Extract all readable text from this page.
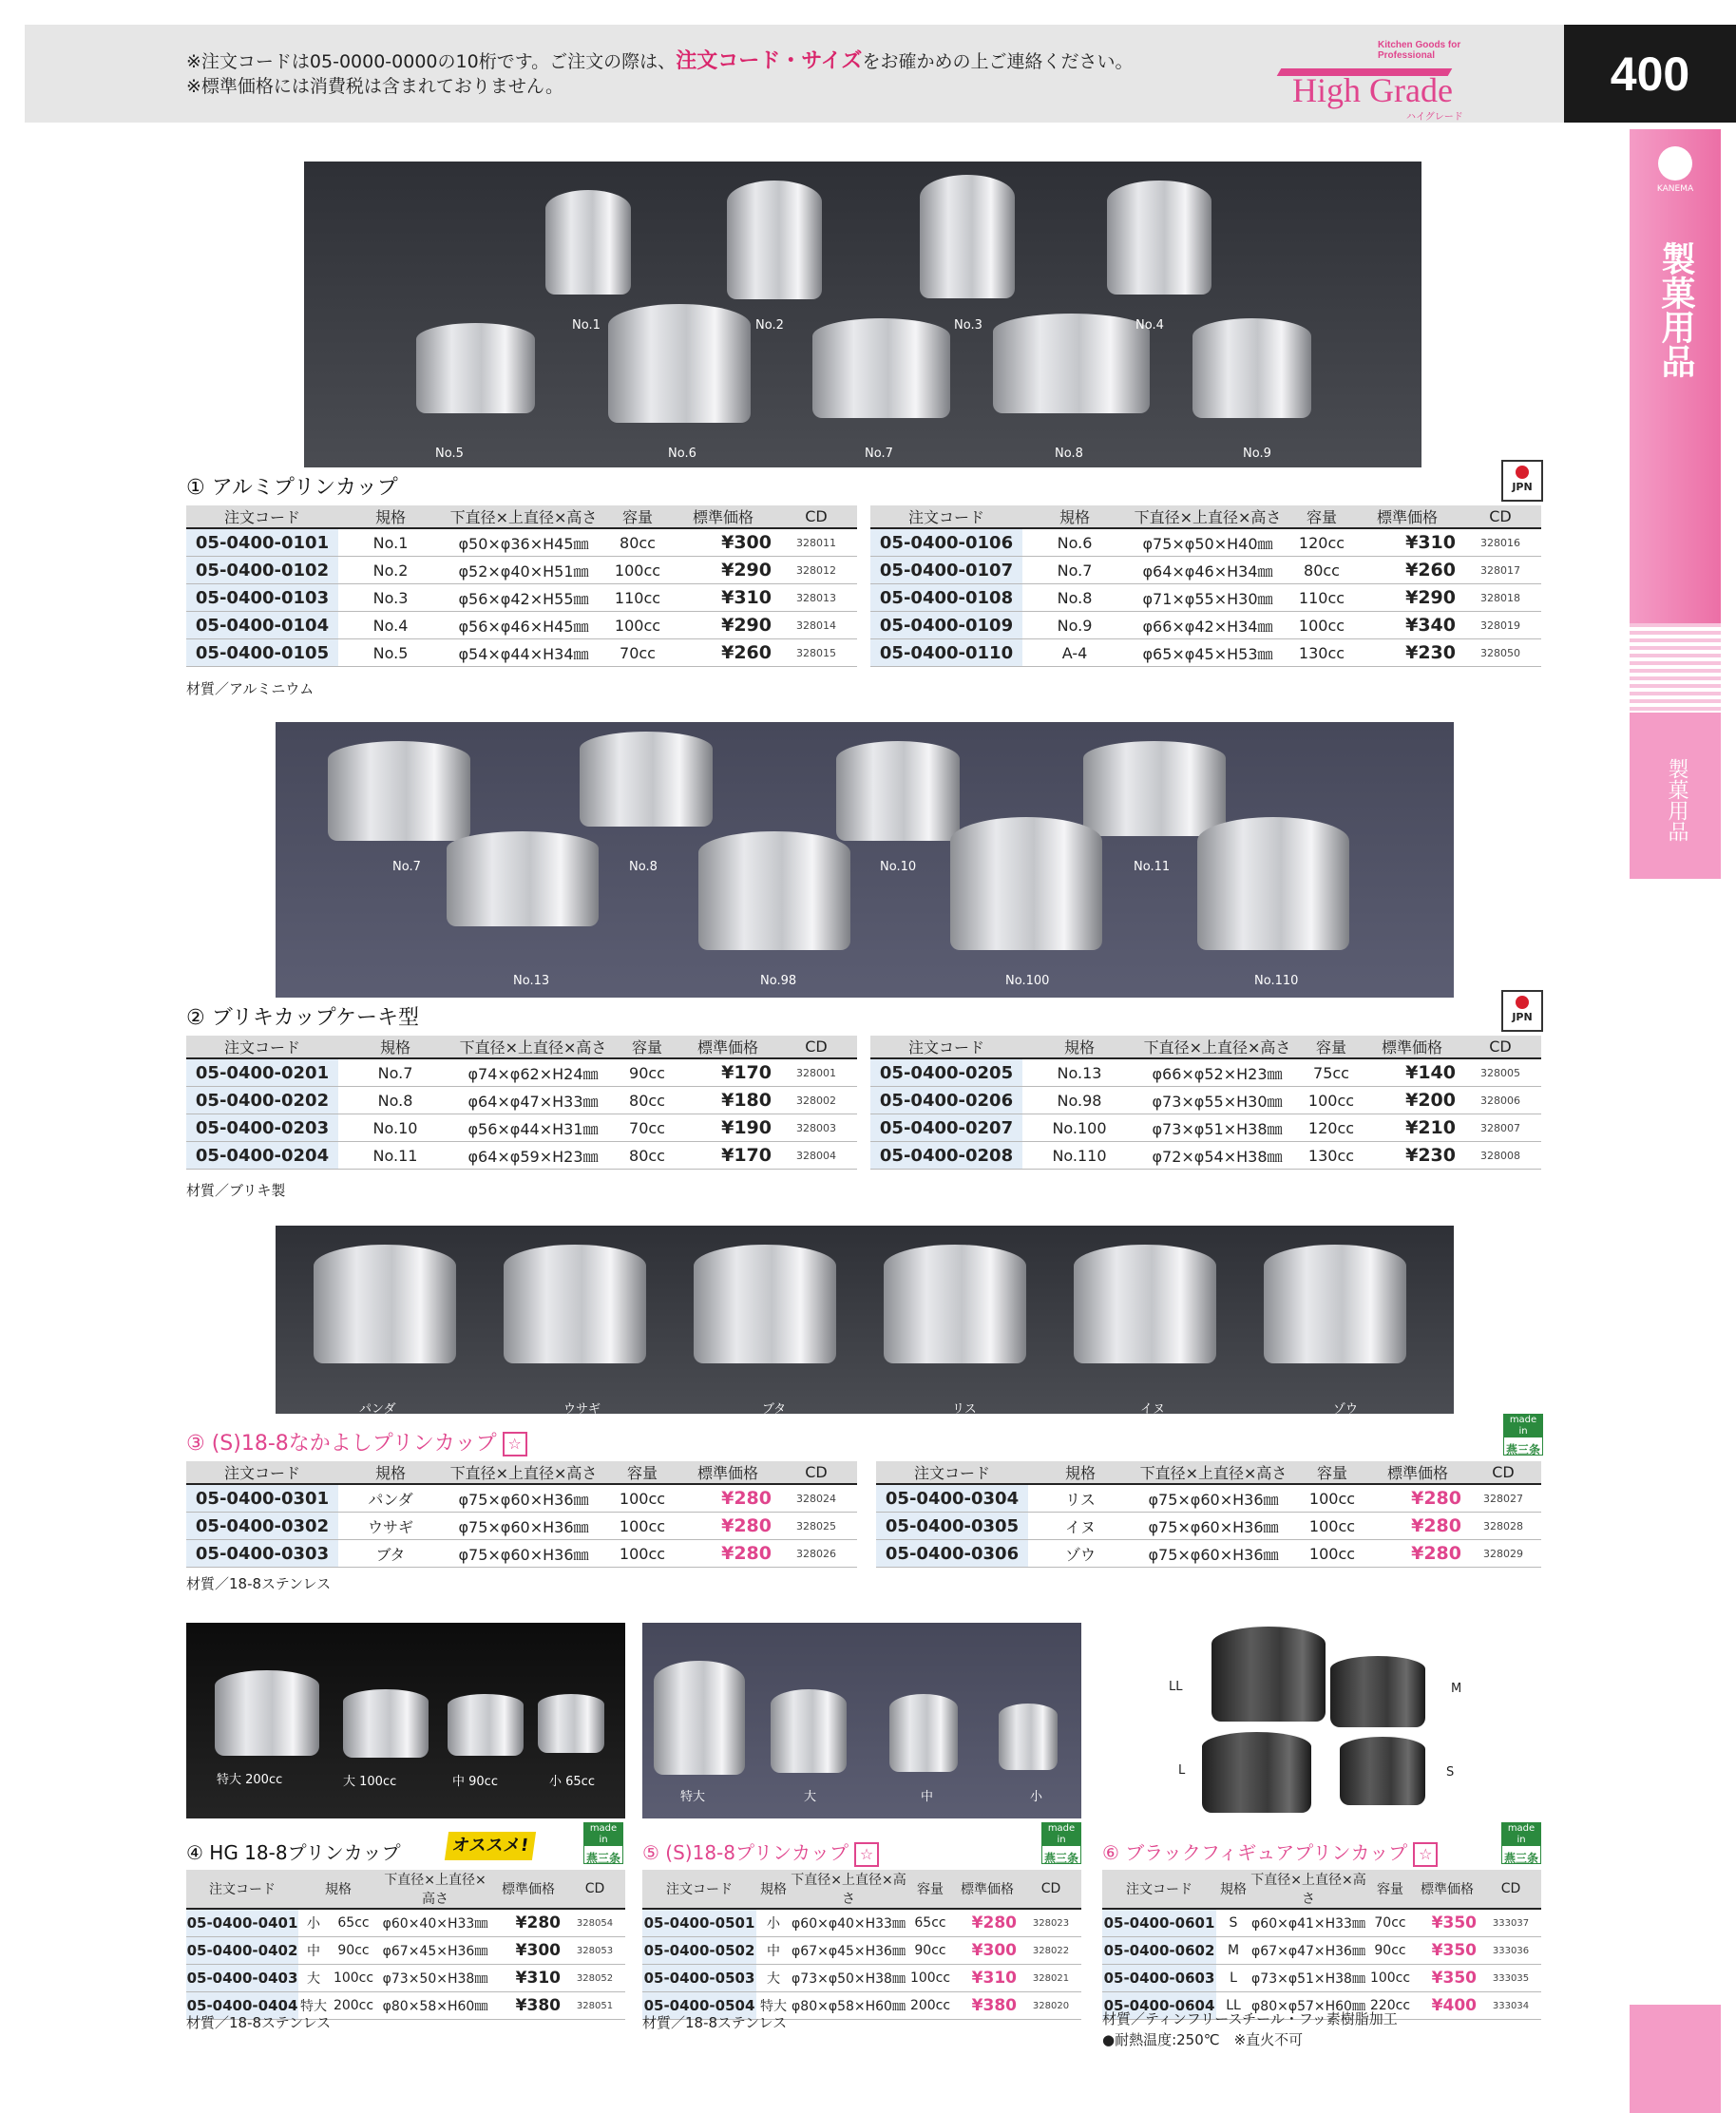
※注文コードは05-0000-0000の10桁です。ご注文の際は、注文コード・サイズをお確かめの上ご連絡ください。
※標準価格には消費税は含まれておりません。
Kitchen Goods for Professional
High Grade
ハイグレード
400
KANEMA
製菓用品
製菓用品
No.1	No.2	No.3	No.4
No.5	No.6	No.7	No.8	No.9
① アルミプリンカップ	JPN
注文コード	規格	下直径×上直径×高さ	容量	標準価格	CD
05-0400-0101	No.1	φ50×φ36×H45㎜	80cc	¥300	328011
05-0400-0102	No.2	φ52×φ40×H51㎜	100cc	¥290	328012
05-0400-0103	No.3	φ56×φ42×H55㎜	110cc	¥310	328013
05-0400-0104	No.4	φ56×φ46×H45㎜	100cc	¥290	328014
05-0400-0105	No.5	φ54×φ44×H34㎜	70cc	¥260	328015
注文コード	規格	下直径×上直径×高さ	容量	標準価格	CD
05-0400-0106	No.6	φ75×φ50×H40㎜	120cc	¥310	328016
05-0400-0107	No.7	φ64×φ46×H34㎜	80cc	¥260	328017
05-0400-0108	No.8	φ71×φ55×H30㎜	110cc	¥290	328018
05-0400-0109	No.9	φ66×φ42×H34㎜	100cc	¥340	328019
05-0400-0110	A-4	φ65×φ45×H53㎜	130cc	¥230	328050
材質／アルミニウム
No.7	No.8	No.10	No.11
No.13	No.98	No.100	No.110
② ブリキカップケーキ型	JPN
注文コード	規格	下直径×上直径×高さ	容量	標準価格	CD
05-0400-0201	No.7	φ74×φ62×H24㎜	90cc	¥170	328001
05-0400-0202	No.8	φ64×φ47×H33㎜	80cc	¥180	328002
05-0400-0203	No.10	φ56×φ44×H31㎜	70cc	¥190	328003
05-0400-0204	No.11	φ64×φ59×H23㎜	80cc	¥170	328004
注文コード	規格	下直径×上直径×高さ	容量	標準価格	CD
05-0400-0205	No.13	φ66×φ52×H23㎜	75cc	¥140	328005
05-0400-0206	No.98	φ73×φ55×H30㎜	100cc	¥200	328006
05-0400-0207	No.100	φ73×φ51×H38㎜	120cc	¥210	328007
05-0400-0208	No.110	φ72×φ54×H38㎜	130cc	¥230	328008
材質／ブリキ製
パンダ	ウサギ	ブタ	リス	イヌ	ゾウ
③ (S)18-8なかよしプリンカップ ☆
made in
燕三条
注文コード	規格	下直径×上直径×高さ	容量	標準価格	CD
05-0400-0301	パンダ	φ75×φ60×H36㎜	100cc	¥280	328024
05-0400-0302	ウサギ	φ75×φ60×H36㎜	100cc	¥280	328025
05-0400-0303	ブタ	φ75×φ60×H36㎜	100cc	¥280	328026
注文コード	規格	下直径×上直径×高さ	容量	標準価格	CD
05-0400-0304	リス	φ75×φ60×H36㎜	100cc	¥280	328027
05-0400-0305	イヌ	φ75×φ60×H36㎜	100cc	¥280	328028
05-0400-0306	ゾウ	φ75×φ60×H36㎜	100cc	¥280	328029
材質／18-8ステンレス
特大 200cc	大 100cc	中 90cc	小 65cc
④ HG 18-8プリンカップ	オススメ!
made in
燕三条
注文コード	規格		下直径×上直径×高さ	標準価格	CD
05-0400-0401	小	65cc	φ60×40×H33㎜	¥280	328054
05-0400-0402	中	90cc	φ67×45×H36㎜	¥300	328053
05-0400-0403	大	100cc	φ73×50×H38㎜	¥310	328052
05-0400-0404	特大	200cc	φ80×58×H60㎜	¥380	328051
材質／18-8ステンレス
特大	大	中	小
⑤ (S)18-8プリンカップ ☆
made in
燕三条
注文コード	規格	下直径×上直径×高さ	容量	標準価格	CD
05-0400-0501	小	φ60×φ40×H33㎜	65cc	¥280	328023
05-0400-0502	中	φ67×φ45×H36㎜	90cc	¥300	328022
05-0400-0503	大	φ73×φ50×H38㎜	100cc	¥310	328021
05-0400-0504	特大	φ80×φ58×H60㎜	200cc	¥380	328020
材質／18-8ステンレス
LL	M
L	S
⑥ ブラックフィギュアプリンカップ ☆
made in
燕三条
注文コード	規格	下直径×上直径×高さ	容量	標準価格	CD
05-0400-0601	S	φ60×φ41×H33㎜	70cc	¥350	333037
05-0400-0602	M	φ67×φ47×H36㎜	90cc	¥350	333036
05-0400-0603	L	φ73×φ51×H38㎜	100cc	¥350	333035
05-0400-0604	LL	φ80×φ57×H60㎜	220cc	¥400	333034
材質／ティンフリースチール・フッ素樹脂加工
●耐熱温度:250℃　※直火不可
